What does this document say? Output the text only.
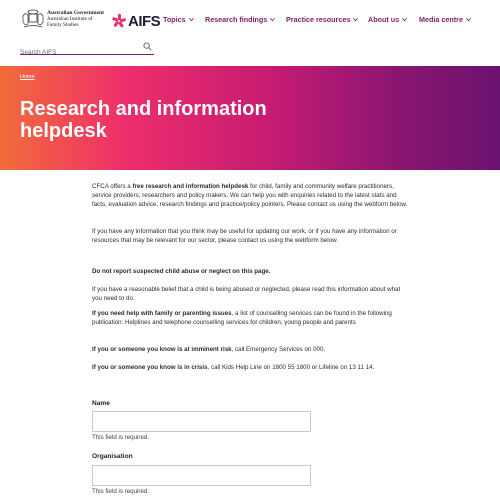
Australian Government
Australian Institute of
Family Studies	AIFS Topics	Research findings	Practice resources About us	Media centre
Search AIFS
Home
Research and information helpdesk

CFCA offers a free research and information helpdesk for child, family and community welfare practitioners, service providers, researchers and policy makers. We can help you with enquiries related to the latest stats and facts, evaluation advice, research findings and practice/policy pointers. Please contact us using the webform below.

If you have any information that you think may be useful for updating our work, or if you have any information or resources that may be relevant for our sector, please contact us using the webform below.

Do not report suspected child abuse or neglect on this page.

If you have a reasonable belief that a child is being abused or neglected, please read this information about what you need to do.

If you need help with family or parenting issues, a list of counselling services can be found in the following publication: Helplines and telephone counselling services for children, young people and parents

If you or someone you know is at imminent risk, call Emergency Services on 000.

If you or someone you know is in crisis, call Kids Help Line on 1800 55 1800 or Lifeline on 13 11 14.

Name
This field is required.
Organisation
This field is required.
